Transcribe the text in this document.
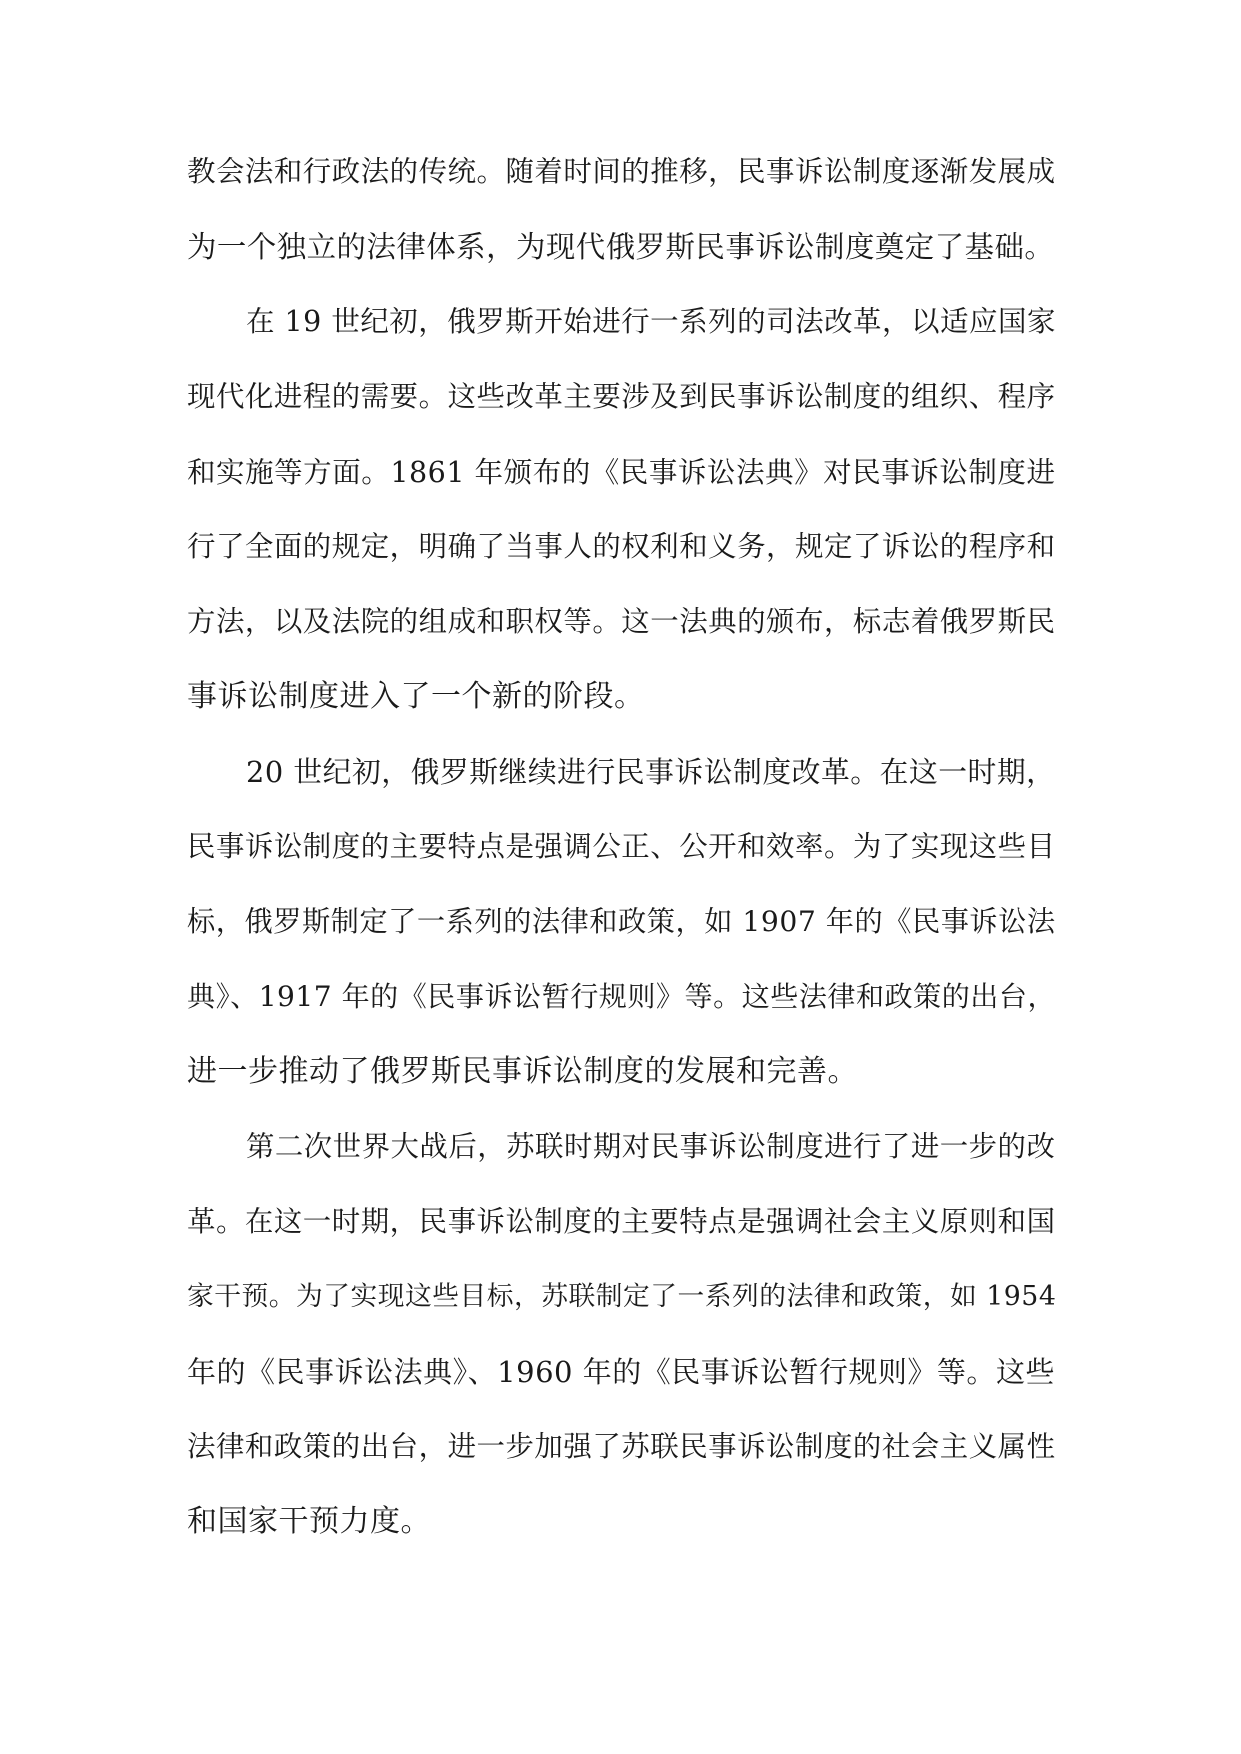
教会法和行政法的传统。随着时间的推移，民事诉讼制度逐渐发展成
为一个独立的法律体系，为现代俄罗斯民事诉讼制度奠定了基础。
在 19 世纪初，俄罗斯开始进行一系列的司法改革，以适应国家
现代化进程的需要。这些改革主要涉及到民事诉讼制度的组织、程序
和实施等方面。1861 年颁布的《民事诉讼法典》对民事诉讼制度进
行了全面的规定，明确了当事人的权利和义务，规定了诉讼的程序和
方法，以及法院的组成和职权等。这一法典的颁布，标志着俄罗斯民
事诉讼制度进入了一个新的阶段。
20 世纪初，俄罗斯继续进行民事诉讼制度改革。在这一时期，
民事诉讼制度的主要特点是强调公正、公开和效率。为了实现这些目
标，俄罗斯制定了一系列的法律和政策，如 1907 年的《民事诉讼法
典》、1917 年的《民事诉讼暂行规则》等。这些法律和政策的出台，
进一步推动了俄罗斯民事诉讼制度的发展和完善。
第二次世界大战后，苏联时期对民事诉讼制度进行了进一步的改
革。在这一时期，民事诉讼制度的主要特点是强调社会主义原则和国
家干预。为了实现这些目标，苏联制定了一系列的法律和政策，如 1954
年的《民事诉讼法典》、1960 年的《民事诉讼暂行规则》等。这些
法律和政策的出台，进一步加强了苏联民事诉讼制度的社会主义属性
和国家干预力度。
